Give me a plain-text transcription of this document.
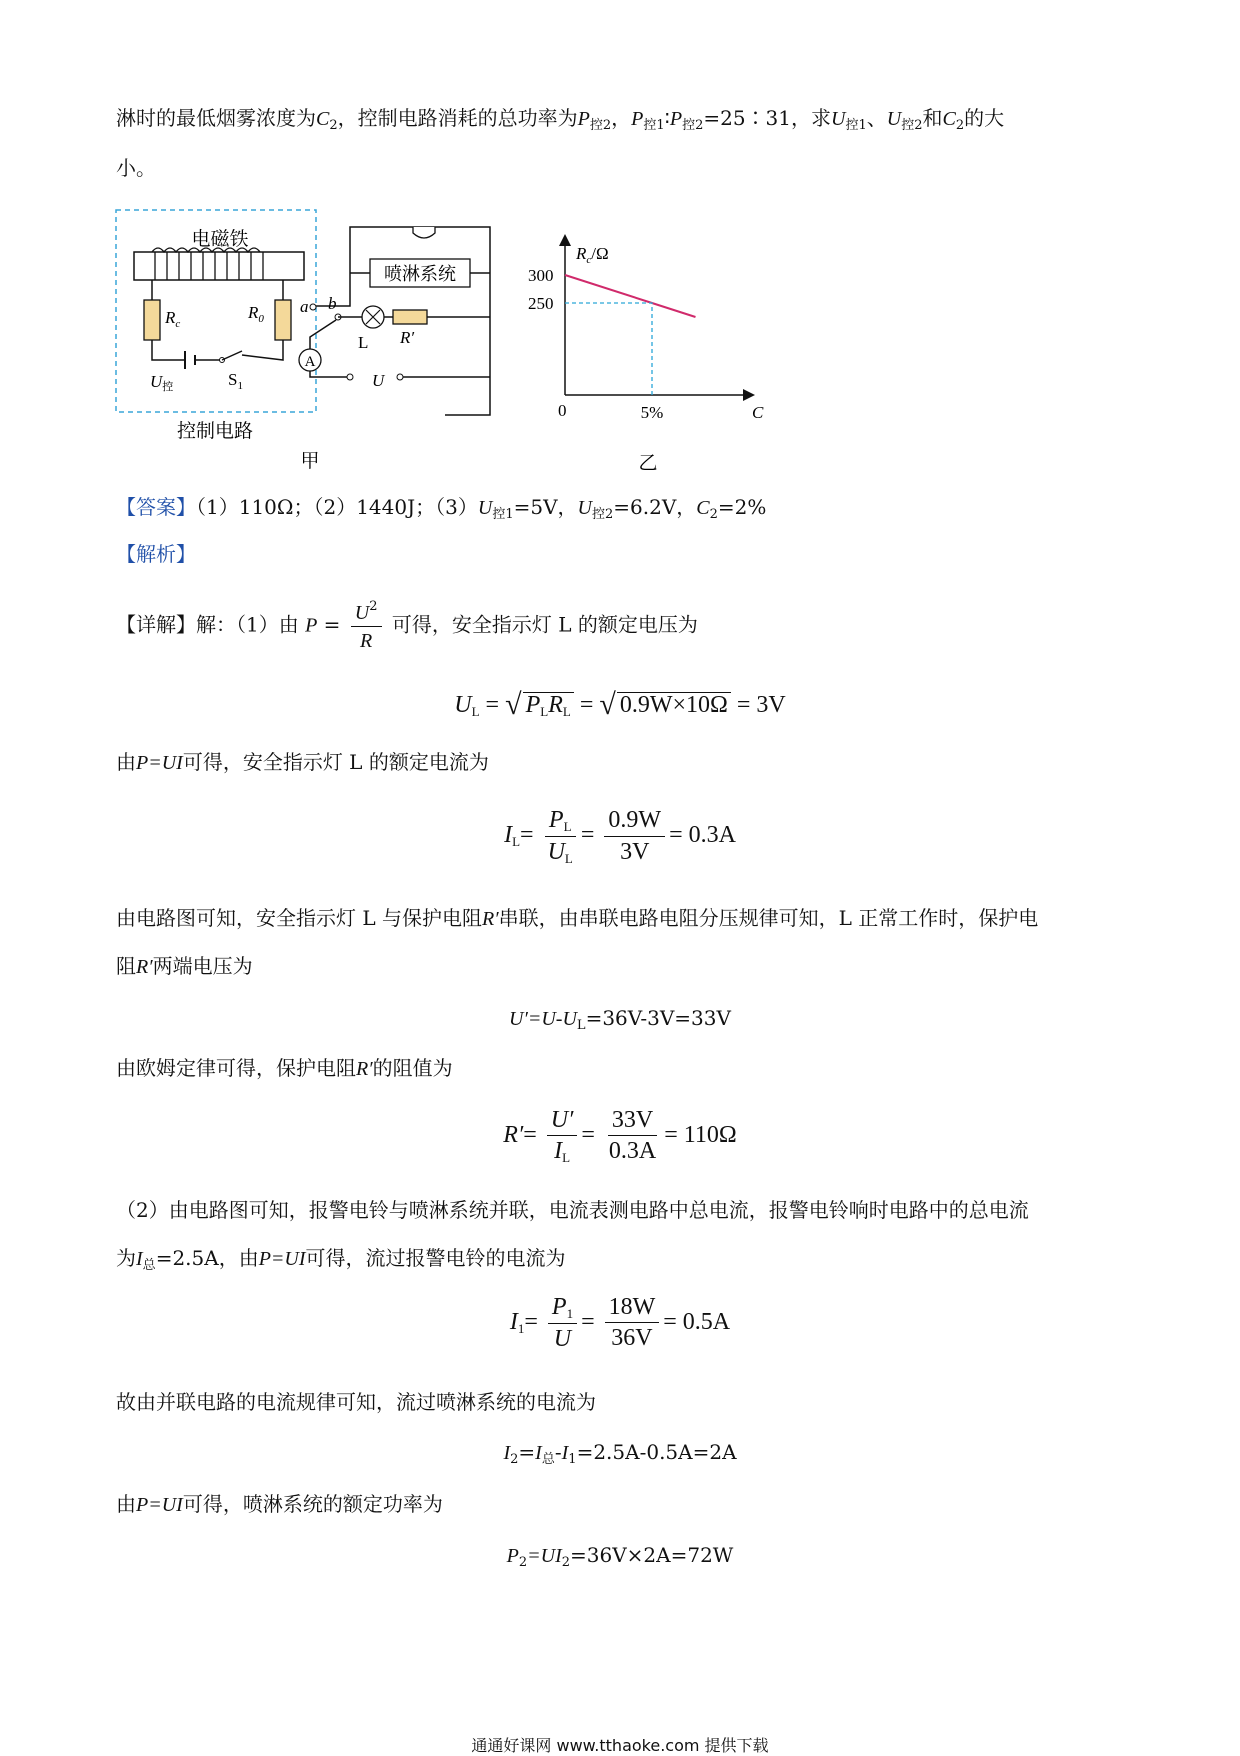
淋时的最低烟雾浓度为$C_2$，控制电路消耗的总功率为$P_{控2}$，$P_{控1}∶P_{控2}=25∶31$，求$U_{控1}$、$U_{控2}$和$C_2$的大
小。
电磁铁
$R_c$
$R_0$
U控	$S_1$
控制电路
喷淋系统
a b
L R′
A
U
甲
$R_c/\Omega$
300
250
0	5%	C
乙
【答案】（1）110Ω；（2）1440J；$(3)U_{控1}=5V$，$U_{控2}=6.2V$，$C_2=2\%$
【解析】
【详解】解：（1）由 $P = \frac{U^2}{R}$ 可得，安全指示灯 L 的额定电压为
$U_L$ = √ $P_LR_L$ = √ 0.9W×10Ω = 3V
由P=UI可得，安全指示灯 L 的额定电流为
$I_L= \frac{P_L}{U_L} = \frac{0.9W}{3V} = 0.3A$
由电路图可知，安全指示灯 L 与保护电阻R′串联，由串联电路电阻分压规律可知，L 正常工作时，保护电
阻R′两端电压为
$U'=U-U_L=36V-3V=33V$
由欧姆定律可得，保护电阻R′的阻值为
$R'= \frac{U'}{I_L} = \frac{33V}{0.3A} = 110\Omega$
（2）由电路图可知，报警电铃与喷淋系统并联，电流表测电路中总电流，报警电铃响时电路中的总电流
为$I_总=2.5A$，由P=UI可得，流过报警电铃的电流为
$I_1= \frac{P_1}{U} = \frac{18W}{36V} = 0.5A$
故由并联电路的电流规律可知，流过喷淋系统的电流为
$I_2=I_总-I_1=2.5A-0.5A=2A$
由P=UI可得，喷淋系统的额定功率为
$P_2=UI_2=36V\times 2A=72W$
通通好课网 www.tthaoke.com 提供下载
